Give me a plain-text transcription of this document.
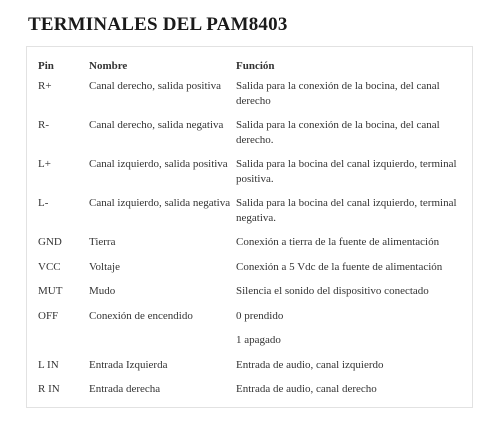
TERMINALES DEL PAM8403
Pin	Nombre	Función
R+	Canal derecho, salida positiva	Salida para la conexión de la bocina, del canal derecho
R-	Canal derecho, salida negativa	Salida para la conexión de la bocina, del canal derecho.
L+	Canal izquierdo, salida positiva	Salida para la bocina del canal izquierdo, terminal positiva.
L-	Canal izquierdo, salida negativa	Salida para la bocina del canal izquierdo, terminal negativa.
GND	Tierra	Conexión a tierra de la fuente de alimentación
VCC	Voltaje	Conexión a 5 Vdc de la fuente de alimentación
MUT	Mudo	Silencia el sonido del dispositivo conectado
OFF	Conexión de encendido	0 prendido
		1 apagado
L IN	Entrada Izquierda	Entrada de audio, canal izquierdo
R IN	Entrada derecha	Entrada de audio, canal derecho
